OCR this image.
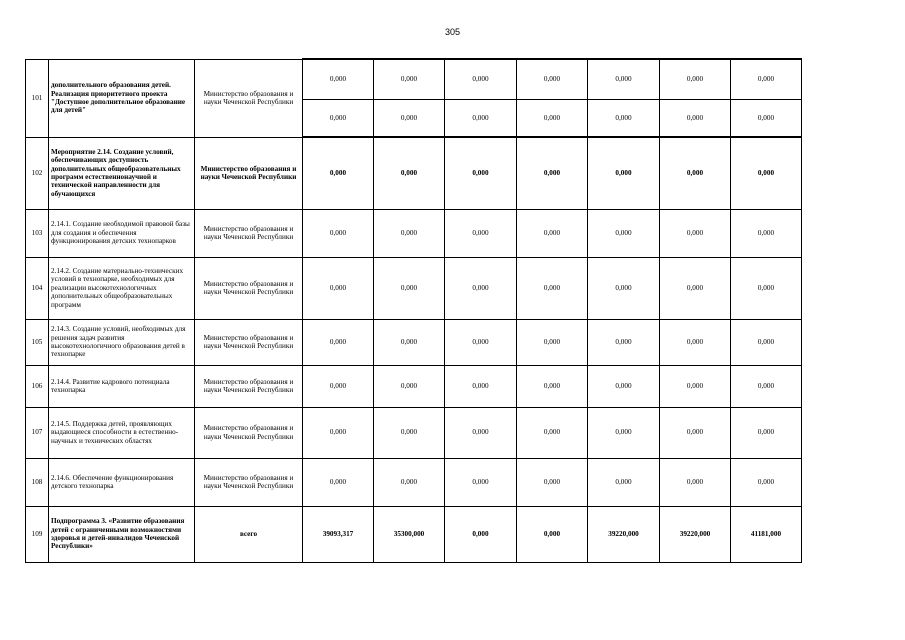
305
101	дополнительного образования детей. Реализация приоритетного проекта "Доступное дополнительное образование для детей"	Министерство образования и науки Чеченской Республики	0,000	0,000	0,000	0,000	0,000	0,000	0,000
			0,000	0,000	0,000	0,000	0,000	0,000	0,000
102	Мероприятие 2.14. Создание условий, обеспечивающих доступность дополнительных общеобразовательных программ естественнонаучной и технической направленности для обучающихся	Министерство образования и науки Чеченской Республики	0,000	0,000	0,000	0,000	0,000	0,000	0,000
103	2.14.1. Создание необходимой правовой базы для создания и обеспечения функционирования детских технопарков	Министерство образования и науки Чеченской Республики	0,000	0,000	0,000	0,000	0,000	0,000	0,000
104	2.14.2. Создание материально-технических условий в технопарке, необходимых для реализации высокотехнологичных дополнительных общеобразовательных программ	Министерство образования и науки Чеченской Республики	0,000	0,000	0,000	0,000	0,000	0,000	0,000
105	2.14.3. Создание условий, необходимых для решения задач развития высокотехнологичного образования детей в технопарке	Министерство образования и науки Чеченской Республики	0,000	0,000	0,000	0,000	0,000	0,000	0,000
106	2.14.4. Развитие кадрового потенциала технопарка	Министерство образования и науки Чеченской Республики	0,000	0,000	0,000	0,000	0,000	0,000	0,000
107	2.14.5. Поддержка детей, проявляющих выдающиеся способности в естественно-научных и технических областях	Министерство образования и науки Чеченской Республики	0,000	0,000	0,000	0,000	0,000	0,000	0,000
108	2.14.6. Обеспечение функционирования детского технопарка	Министерство образования и науки Чеченской Республики	0,000	0,000	0,000	0,000	0,000	0,000	0,000
109	Подпрограмма 3. «Развитие образования детей с ограниченными возможностями здоровья и детей-инвалидов Чеченской Республики»	всего	39093,317	35300,000	0,000	0,000	39220,000	39220,000	41181,000
